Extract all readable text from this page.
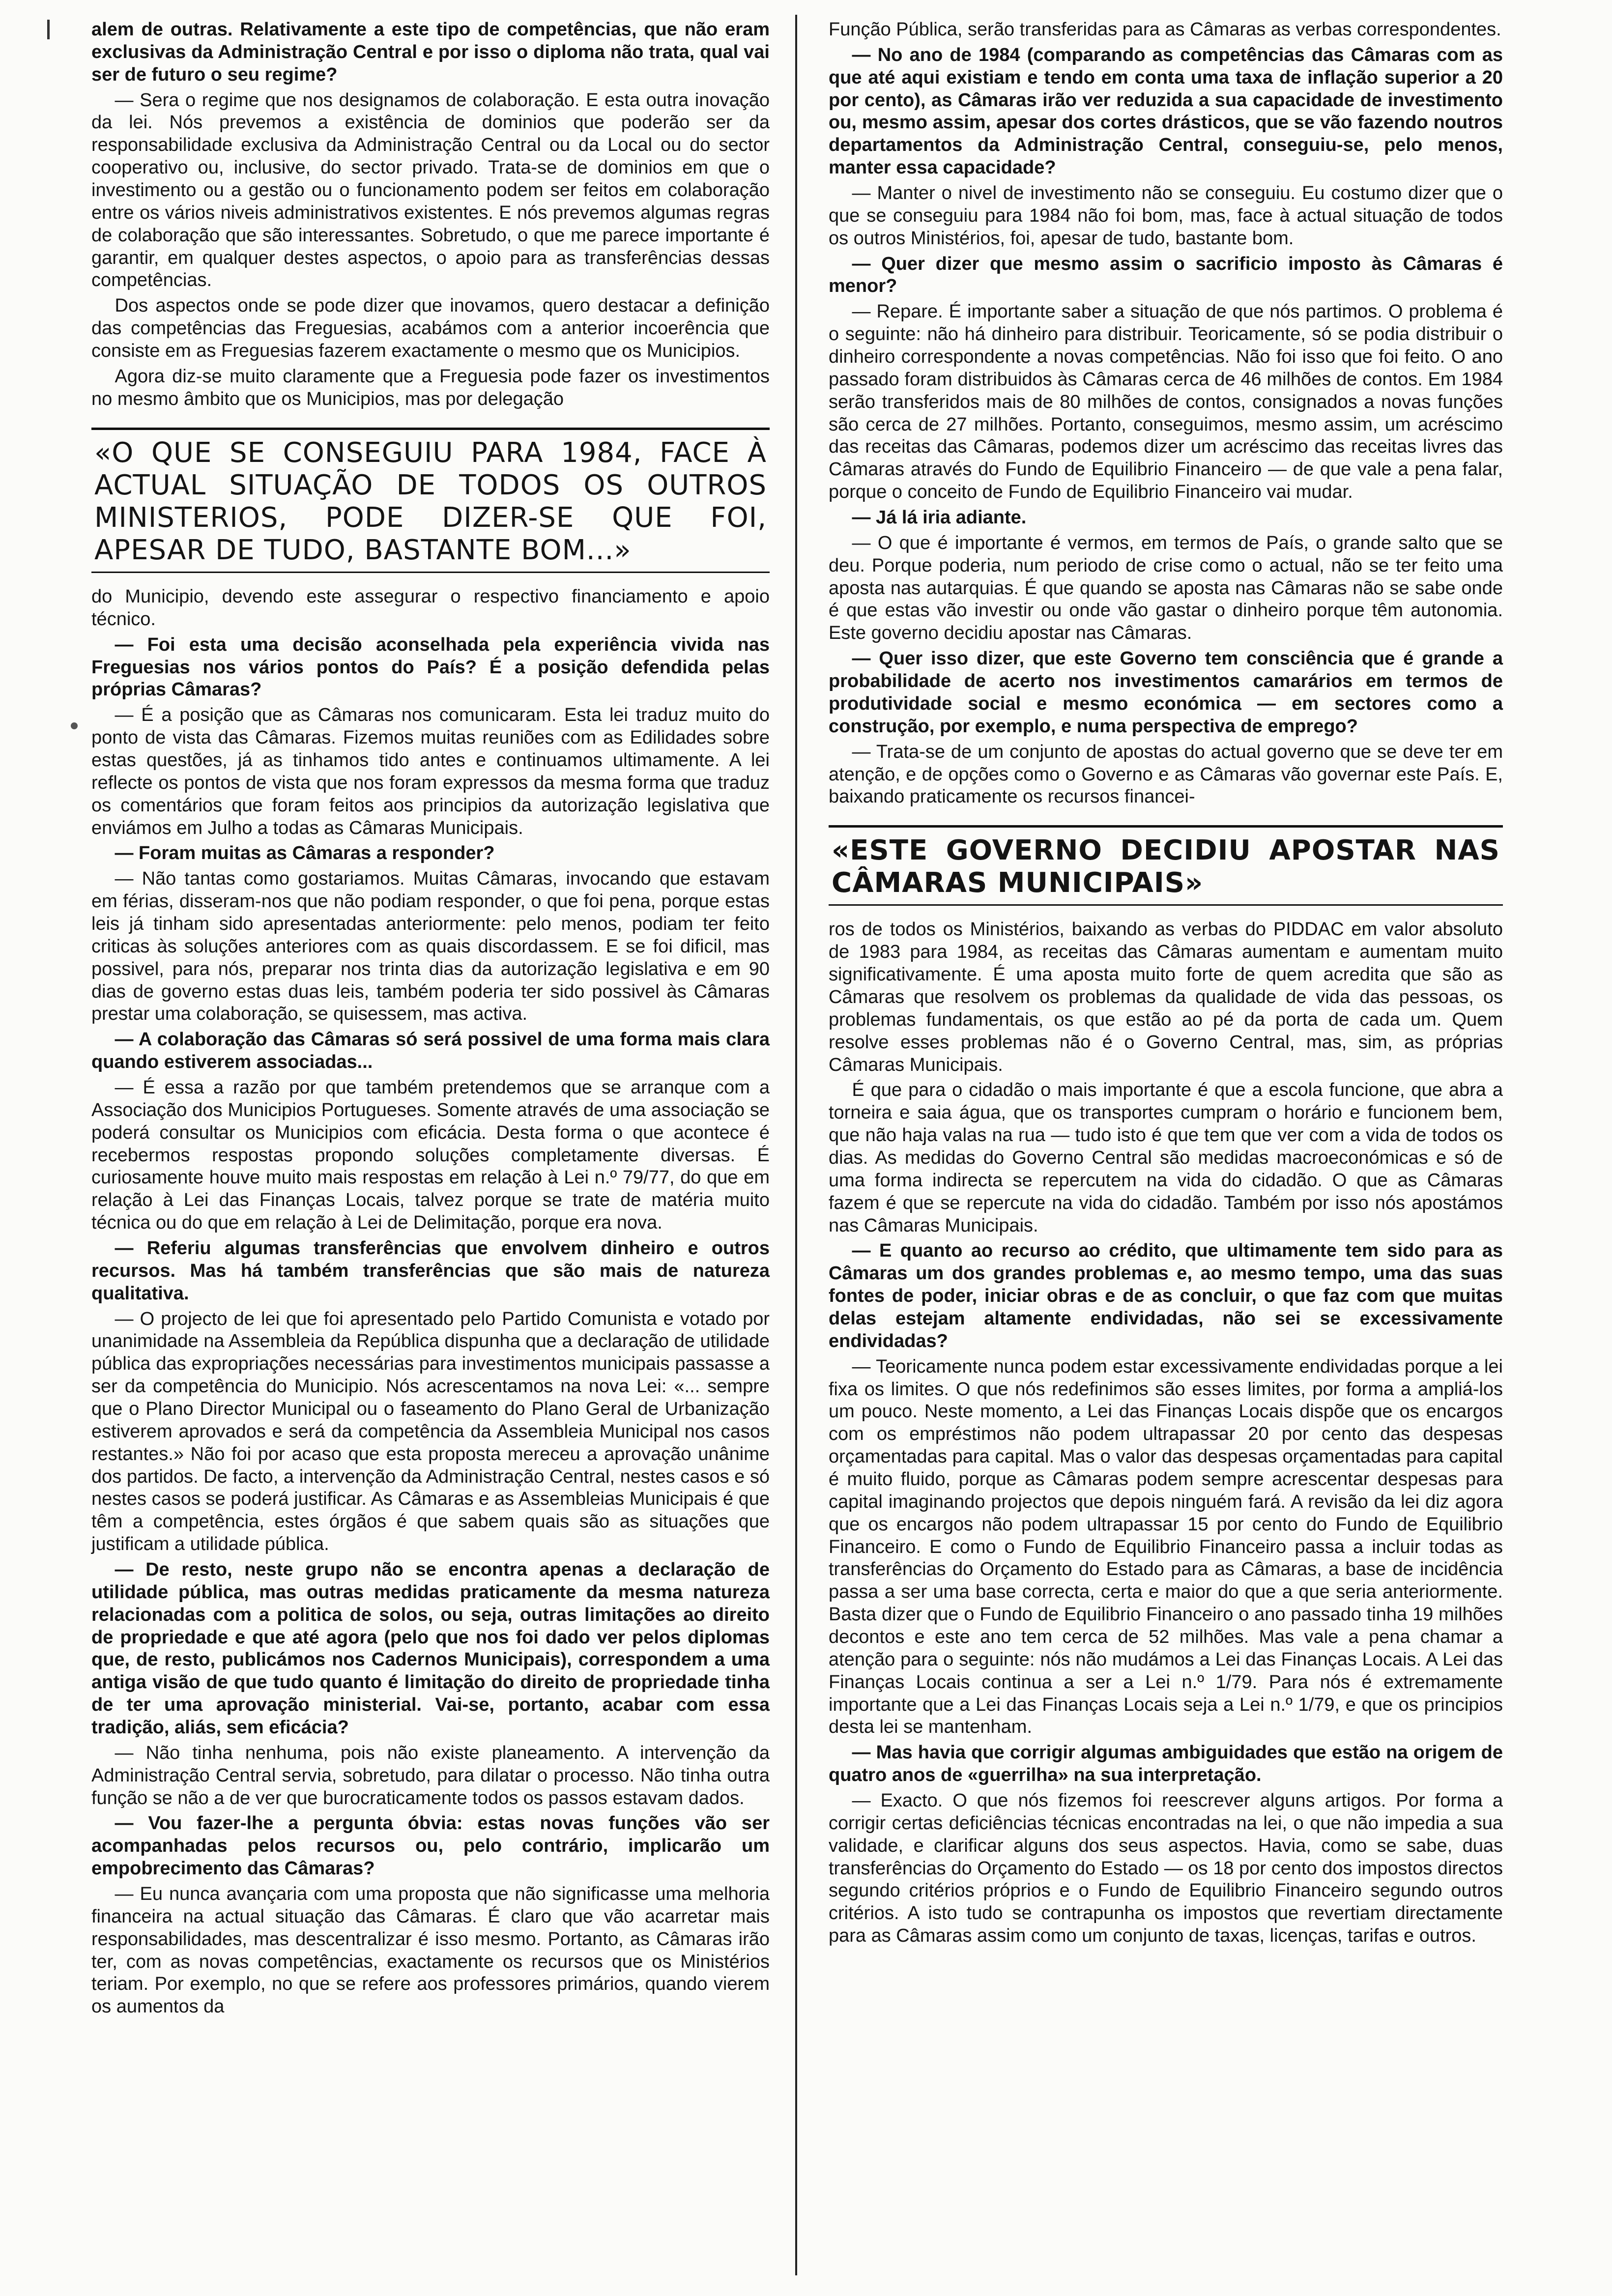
alem de outras. Relativamente a este tipo de competências, que não eram exclusivas da Administração Central e por isso o diploma não trata, qual vai ser de futuro o seu regime?

— Sera o regime que nos designamos de colaboração. E esta outra inovação da lei. Nós prevemos a existência de dominios que poderão ser da responsabilidade exclusiva da Administração Central ou da Local ou do sector cooperativo ou, inclusive, do sector privado. Trata-se de dominios em que o investimento ou a gestão ou o funcionamento podem ser feitos em colaboração entre os vários niveis administrativos existentes. E nós prevemos algumas regras de colaboração que são interessantes. Sobretudo, o que me parece importante é garantir, em qualquer destes aspectos, o apoio para as transferências dessas competências.

Dos aspectos onde se pode dizer que inovamos, quero destacar a definição das competências das Freguesias, acabámos com a anterior incoerência que consiste em as Freguesias fazerem exactamente o mesmo que os Municipios.

Agora diz-se muito claramente que a Freguesia pode fazer os investimentos no mesmo âmbito que os Municipios, mas por delegação

«O QUE SE CONSEGUIU PARA 1984, FACE À ACTUAL SITUAÇÃO DE TODOS OS OUTROS MINISTERIOS, PODE DIZER-SE QUE FOI, APESAR DE TUDO, BASTANTE BOM...»

do Municipio, devendo este assegurar o respectivo financiamento e apoio técnico.

— Foi esta uma decisão aconselhada pela experiência vivida nas Freguesias nos vários pontos do País? É a posição defendida pelas próprias Câmaras?

— É a posição que as Câmaras nos comunicaram. Esta lei traduz muito do ponto de vista das Câmaras. Fizemos muitas reuniões com as Edilidades sobre estas questões, já as tinhamos tido antes e continuamos ultimamente. A lei reflecte os pontos de vista que nos foram expressos da mesma forma que traduz os comentários que foram feitos aos principios da autorização legislativa que enviámos em Julho a todas as Câmaras Municipais.

— Foram muitas as Câmaras a responder?

— Não tantas como gostariamos. Muitas Câmaras, invocando que estavam em férias, disseram-nos que não podiam responder, o que foi pena, porque estas leis já tinham sido apresentadas anteriormente: pelo menos, podiam ter feito criticas às soluções anteriores com as quais discordassem. E se foi dificil, mas possivel, para nós, preparar nos trinta dias da autorização legislativa e em 90 dias de governo estas duas leis, também poderia ter sido possivel às Câmaras prestar uma colaboração, se quisessem, mas activa.

— A colaboração das Câmaras só será possivel de uma forma mais clara quando estiverem associadas...

— É essa a razão por que também pretendemos que se arranque com a Associação dos Municipios Portugueses. Somente através de uma associação se poderá consultar os Municipios com eficácia. Desta forma o que acontece é recebermos respostas propondo soluções completamente diversas. É curiosamente houve muito mais respostas em relação à Lei n.º 79/77, do que em relação à Lei das Finanças Locais, talvez porque se trate de matéria muito técnica ou do que em relação à Lei de Delimitação, porque era nova.

— Referiu algumas transferências que envolvem dinheiro e outros recursos. Mas há também transferências que são mais de natureza qualitativa.

— O projecto de lei que foi apresentado pelo Partido Comunista e votado por unanimidade na Assembleia da República dispunha que a declaração de utilidade pública das expropriações necessárias para investimentos municipais passasse a ser da competência do Municipio. Nós acrescentamos na nova Lei: «... sempre que o Plano Director Municipal ou o faseamento do Plano Geral de Urbanização estiverem aprovados e será da competência da Assembleia Municipal nos casos restantes.» Não foi por acaso que esta proposta mereceu a aprovação unânime dos partidos. De facto, a intervenção da Administração Central, nestes casos e só nestes casos se poderá justificar. As Câmaras e as Assembleias Municipais é que têm a competência, estes órgãos é que sabem quais são as situações que justificam a utilidade pública.

— De resto, neste grupo não se encontra apenas a declaração de utilidade pública, mas outras medidas praticamente da mesma natureza relacionadas com a politica de solos, ou seja, outras limitações ao direito de propriedade e que até agora (pelo que nos foi dado ver pelos diplomas que, de resto, publicámos nos Cadernos Municipais), correspondem a uma antiga visão de que tudo quanto é limitação do direito de propriedade tinha de ter uma aprovação ministerial. Vai-se, portanto, acabar com essa tradição, aliás, sem eficácia?

— Não tinha nenhuma, pois não existe planeamento. A intervenção da Administração Central servia, sobretudo, para dilatar o processo. Não tinha outra função se não a de ver que burocraticamente todos os passos estavam dados.

— Vou fazer-lhe a pergunta óbvia: estas novas funções vão ser acompanhadas pelos recursos ou, pelo contrário, implicarão um empobrecimento das Câmaras?

— Eu nunca avançaria com uma proposta que não significasse uma melhoria financeira na actual situação das Câmaras. É claro que vão acarretar mais responsabilidades, mas descentralizar é isso mesmo. Portanto, as Câmaras irão ter, com as novas competências, exactamente os recursos que os Ministérios teriam. Por exemplo, no que se refere aos professores primários, quando vierem os aumentos da

Função Pública, serão transferidas para as Câmaras as verbas correspondentes.

— No ano de 1984 (comparando as competências das Câmaras com as que até aqui existiam e tendo em conta uma taxa de inflação superior a 20 por cento), as Câmaras irão ver reduzida a sua capacidade de investimento ou, mesmo assim, apesar dos cortes drásticos, que se vão fazendo noutros departamentos da Administração Central, conseguiu-se, pelo menos, manter essa capacidade?

— Manter o nivel de investimento não se conseguiu. Eu costumo dizer que o que se conseguiu para 1984 não foi bom, mas, face à actual situação de todos os outros Ministérios, foi, apesar de tudo, bastante bom.

— Quer dizer que mesmo assim o sacrificio imposto às Câmaras é menor?

— Repare. É importante saber a situação de que nós partimos. O problema é o seguinte: não há dinheiro para distribuir. Teoricamente, só se podia distribuir o dinheiro correspondente a novas competências. Não foi isso que foi feito. O ano passado foram distribuidos às Câmaras cerca de 46 milhões de contos. Em 1984 serão transferidos mais de 80 milhões de contos, consignados a novas funções são cerca de 27 milhões. Portanto, conseguimos, mesmo assim, um acréscimo das receitas das Câmaras, podemos dizer um acréscimo das receitas livres das Câmaras através do Fundo de Equilibrio Financeiro — de que vale a pena falar, porque o conceito de Fundo de Equilibrio Financeiro vai mudar.

— Já lá iria adiante.

— O que é importante é vermos, em termos de País, o grande salto que se deu. Porque poderia, num periodo de crise como o actual, não se ter feito uma aposta nas autarquias. É que quando se aposta nas Câmaras não se sabe onde é que estas vão investir ou onde vão gastar o dinheiro porque têm autonomia. Este governo decidiu apostar nas Câmaras.

— Quer isso dizer, que este Governo tem consciência que é grande a probabilidade de acerto nos investimentos camarários em termos de produtividade social e mesmo económica — em sectores como a construção, por exemplo, e numa perspectiva de emprego?

— Trata-se de um conjunto de apostas do actual governo que se deve ter em atenção, e de opções como o Governo e as Câmaras vão governar este País. E, baixando praticamente os recursos financei-

«ESTE GOVERNO DECIDIU APOSTAR NAS CÂMARAS MUNICIPAIS»

ros de todos os Ministérios, baixando as verbas do PIDDAC em valor absoluto de 1983 para 1984, as receitas das Câmaras aumentam e aumentam muito significativamente. É uma aposta muito forte de quem acredita que são as Câmaras que resolvem os problemas da qualidade de vida das pessoas, os problemas fundamentais, os que estão ao pé da porta de cada um. Quem resolve esses problemas não é o Governo Central, mas, sim, as próprias Câmaras Municipais.

É que para o cidadão o mais importante é que a escola funcione, que abra a torneira e saia água, que os transportes cumpram o horário e funcionem bem, que não haja valas na rua — tudo isto é que tem que ver com a vida de todos os dias. As medidas do Governo Central são medidas macroeconómicas e só de uma forma indirecta se repercutem na vida do cidadão. O que as Câmaras fazem é que se repercute na vida do cidadão. Também por isso nós apostámos nas Câmaras Municipais.

— E quanto ao recurso ao crédito, que ultimamente tem sido para as Câmaras um dos grandes problemas e, ao mesmo tempo, uma das suas fontes de poder, iniciar obras e de as concluir, o que faz com que muitas delas estejam altamente endividadas, não sei se excessivamente endividadas?

— Teoricamente nunca podem estar excessivamente endividadas porque a lei fixa os limites. O que nós redefinimos são esses limites, por forma a ampliá-los um pouco. Neste momento, a Lei das Finanças Locais dispõe que os encargos com os empréstimos não podem ultrapassar 20 por cento das despesas orçamentadas para capital. Mas o valor das despesas orçamentadas para capital é muito fluido, porque as Câmaras podem sempre acrescentar despesas para capital imaginando projectos que depois ninguém fará. A revisão da lei diz agora que os encargos não podem ultrapassar 15 por cento do Fundo de Equilibrio Financeiro. E como o Fundo de Equilibrio Financeiro passa a incluir todas as transferências do Orçamento do Estado para as Câmaras, a base de incidência passa a ser uma base correcta, certa e maior do que a que seria anteriormente. Basta dizer que o Fundo de Equilibrio Financeiro o ano passado tinha 19 milhões decontos e este ano tem cerca de 52 milhões. Mas vale a pena chamar a atenção para o seguinte: nós não mudámos a Lei das Finanças Locais. A Lei das Finanças Locais continua a ser a Lei n.º 1/79. Para nós é extremamente importante que a Lei das Finanças Locais seja a Lei n.º 1/79, e que os principios desta lei se mantenham.

— Mas havia que corrigir algumas ambiguidades que estão na origem de quatro anos de «guerrilha» na sua interpretação.

— Exacto. O que nós fizemos foi reescrever alguns artigos. Por forma a corrigir certas deficiências técnicas encontradas na lei, o que não impedia a sua validade, e clarificar alguns dos seus aspectos. Havia, como se sabe, duas transferências do Orçamento do Estado — os 18 por cento dos impostos directos segundo critérios próprios e o Fundo de Equilibrio Financeiro segundo outros critérios. A isto tudo se contrapunha os impostos que revertiam directamente para as Câmaras assim como um conjunto de taxas, licenças, tarifas e outros.
